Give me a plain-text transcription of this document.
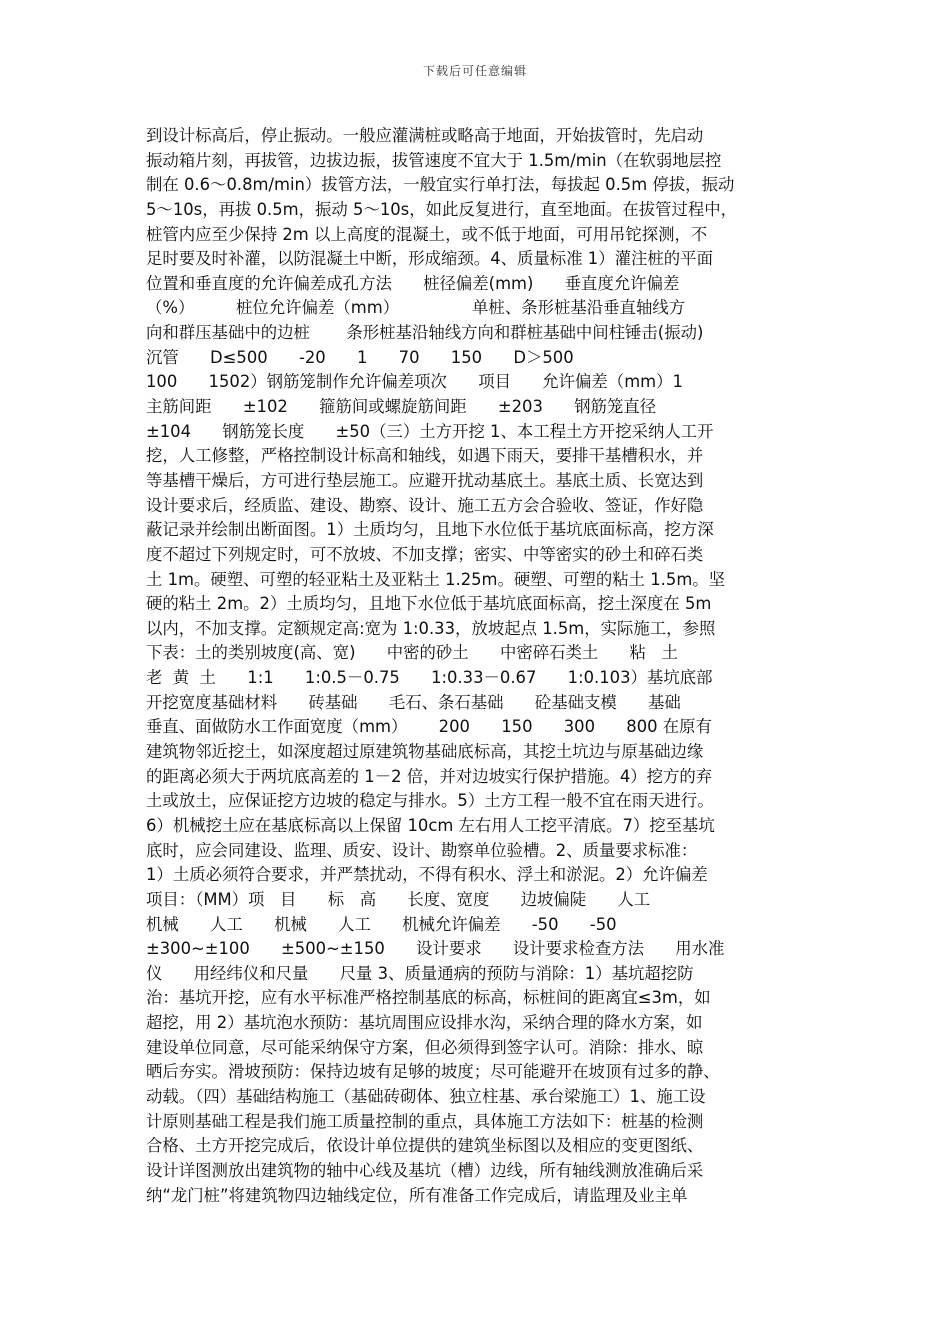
下载后可任意编辑
到设计标高后，停止振动。一般应灌满桩或略高于地面，开始拔管时，先启动
振动箱片刻，再拔管，边拔边振，拔管速度不宜大于 1.5m/min（在软弱地层控
制在 0.6～0.8m/min）拔管方法，一般宜实行单打法，每拔起 0.5m 停拔，振动
5～10s，再拔 0.5m，振动 5～10s，如此反复进行，直至地面。在拔管过程中，
桩管内应至少保持 2m 以上高度的混凝土，或不低于地面，可用吊铊探测，不
足时要及时补灌，以防混凝土中断，形成缩颈。4、质量标准 1）灌注桩的平面
位置和垂直度的允许偏差成孔方法      桩径偏差(mm)      垂直度允许偏差
（%）        桩位允许偏差（mm）              单桩、条形桩基沿垂直轴线方
向和群压基础中的边桩       条形桩基沿轴线方向和群桩基础中间柱锤击(振动)
沉管      D≤500      -20      1      70      150      D＞500
100      1502）钢筋笼制作允许偏差项次      项目      允许偏差（mm）1
主筋间距      ±102      箍筋间或螺旋筋间距      ±203      钢筋笼直径
±104      钢筋笼长度      ±50（三）土方开挖 1、本工程土方开挖采纳人工开
挖，人工修整，严格控制设计标高和轴线，如遇下雨天，要排干基槽积水，并
等基槽干燥后，方可进行垫层施工。应避开扰动基底土。基底土质、长宽达到
设计要求后，经质监、建设、勘察、设计、施工五方会合验收、签证，作好隐
蔽记录并绘制出断面图。1）土质均匀，且地下水位低于基坑底面标高，挖方深
度不超过下列规定时，可不放坡、不加支撑；密实、中等密实的砂土和碎石类
土 1m。硬塑、可塑的轻亚粘土及亚粘土 1.25m。硬塑、可塑的粘土 1.5m。坚
硬的粘土 2m。2）土质均匀，且地下水位低于基坑底面标高，挖土深度在 5m
以内，不加支撑。定额规定高:宽为 1:0.33，放坡起点 1.5m，实际施工，参照
下表：土的类别坡度(高、宽)      中密的砂土      中密碎石类土      粘   土
老  黄  土      1:1      1:0.5－0.75      1:0.33－0.67      1:0.103）基坑底部
开挖宽度基础材料      砖基础      毛石、条石基础      砼基础支模      基础
垂直、面做防水工作面宽度（mm）      200      150      300      800 在原有
建筑物邻近挖土，如深度超过原建筑物基础底标高，其挖土坑边与原基础边缘
的距离必须大于两坑底高差的 1－2 倍，并对边坡实行保护措施。4）挖方的弃
土或放土，应保证挖方边坡的稳定与排水。5）土方工程一般不宜在雨天进行。
6）机械挖土应在基底标高以上保留 10cm 左右用人工挖平清底。7）挖至基坑
底时，应会同建设、监理、质安、设计、勘察单位验槽。2、质量要求标准：
1）土质必须符合要求，并严禁扰动，不得有积水、浮土和淤泥。2）允许偏差
项目：（MM）项   目      标   高      长度、宽度      边坡偏陡      人工
机械      人工      机械      人工      机械允许偏差      -50      -50
±300~±100      ±500~±150      设计要求      设计要求检查方法      用水准
仪      用经纬仪和尺量      尺量 3、质量通病的预防与消除：1）基坑超挖防
治：基坑开挖，应有水平标准严格控制基底的标高，标桩间的距离宜≤3m，如
超挖，用 2）基坑泡水预防：基坑周围应设排水沟，采纳合理的降水方案，如
建设单位同意，尽可能采纳保守方案，但必须得到签字认可。消除：排水、晾
晒后夯实。滑坡预防：保持边坡有足够的坡度；尽可能避开在坡顶有过多的静、
动载。（四）基础结构施工（基础砖砌体、独立柱基、承台梁施工）1、施工设
计原则基础工程是我们施工质量控制的重点，具体施工方法如下：桩基的检测
合格、土方开挖完成后，依设计单位提供的建筑坐标图以及相应的变更图纸、
设计详图测放出建筑物的轴中心线及基坑（槽）边线，所有轴线测放准确后采
纳“龙门桩”将建筑物四边轴线定位，所有准备工作完成后，请监理及业主单
